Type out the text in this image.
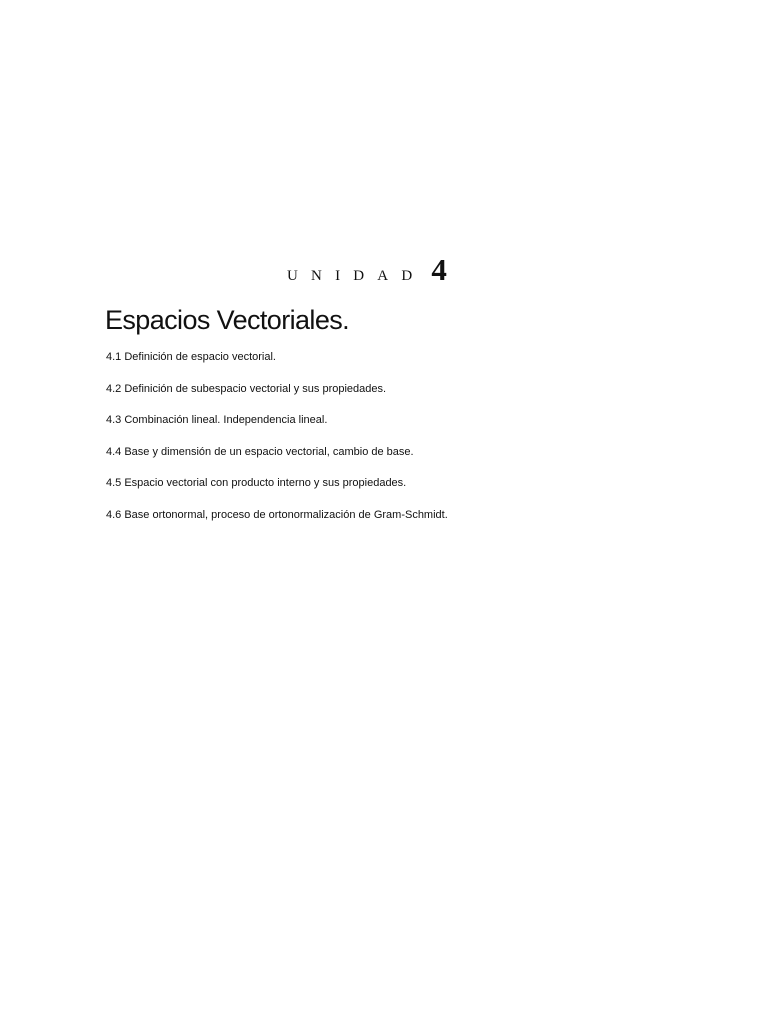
UNIDAD 4
Espacios Vectoriales.
4.1 Definición de espacio vectorial.
4.2 Definición de subespacio vectorial y sus propiedades.
4.3 Combinación lineal. Independencia lineal.
4.4 Base y dimensión de un espacio vectorial, cambio de base.
4.5 Espacio vectorial con producto interno y sus propiedades.
4.6 Base ortonormal, proceso de ortonormalización de Gram-Schmidt.
